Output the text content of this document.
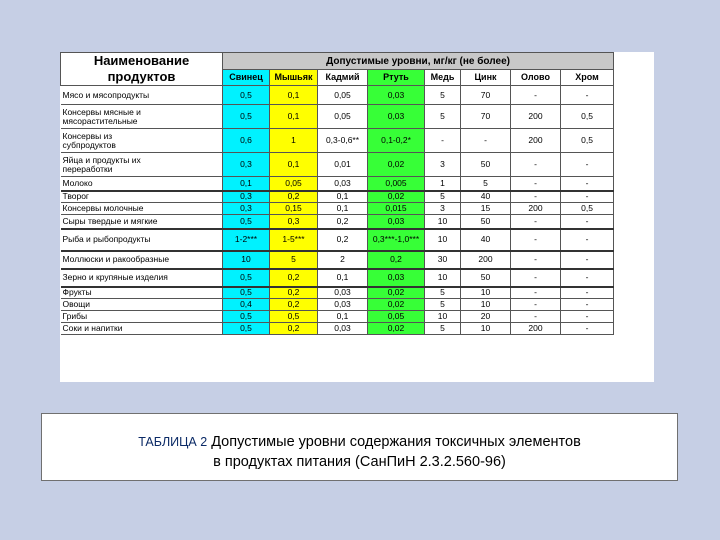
Наименование
продуктов	Допустимые уровни, мг/кг (не более)							
	Свинец	Мышьяк	Кадмий	Ртуть	Медь	Цинк	Олово	Хром

Мясо и мясопродукты	0,5	0,1	0,05	0,03	5	70	-	-

Консервы мясные и
мясорастительные	0,5	0,1	0,05	0,03	5	70	200	0,5

Консервы из
субпродуктов	0,6	1	0,3-0,6**	0,1-0,2*	-	-	200	0,5

Яйца и продукты их
переработки	0,3	0,1	0,01	0,02	3	50	-	-

Молоко	0,1	0,05	0,03	0,005	1	5	-	-

Творог	0,3	0,2	0,1	0,02	5	40	-	-

Консервы молочные	0,3	0,15	0,1	0,015	3	15	200	0,5

Сыры твердые и мягкие	0,5	0,3	0,2	0,03	10	50	-	-

Рыба и рыбопродукты	1-2***	1-5***	0,2	0,3***-1,0***	10	40	-	-

Моллюски и ракообразные	10	5	2	0,2	30	200	-	-

Зерно и крупяные изделия	0,5	0,2	0,1	0,03	10	50	-	-

Фрукты	0,5	0,2	0,03	0,02	5	10	-	-

Овощи	0,4	0,2	0,03	0,02	5	10	-	-

Грибы	0,5	0,5	0,1	0,05	10	20	-	-

Соки и напитки	0,5	0,2	0,03	0,02	5	10	200	-
ТАБЛИЦА 2 Допустимые уровни содержания токсичных элементов
в продуктах питания (СанПиН 2.3.2.560-96)
